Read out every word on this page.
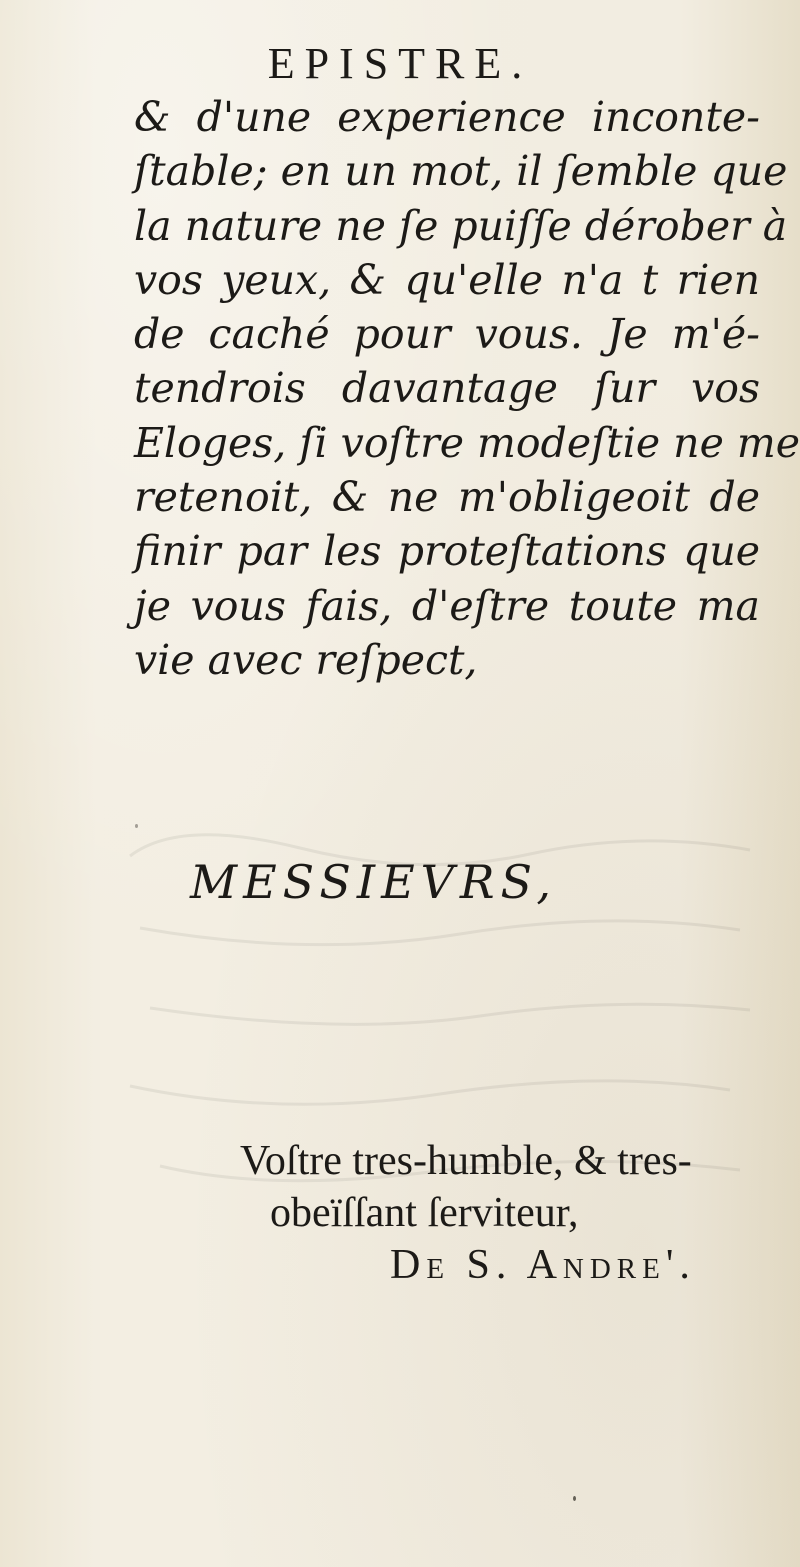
EPISTRE.

& d'une experience inconte-
ſtable; en un mot, il ſemble que
la nature ne ſe puiſſe dérober à
vos yeux, & qu'elle n'a t rien
de caché pour vous. Je m'é-
tendrois davantage ſur vos
Eloges, ſi voſtre modeſtie ne me
retenoit, & ne m'obligeoit de
finir par les proteſtations que
je vous fais, d'eſtre toute ma
vie avec reſpect,

MESSIEVRS,
Voſtre tres-humble, & tres-
obeïſſant ſerviteur,
De S. Andre'.
